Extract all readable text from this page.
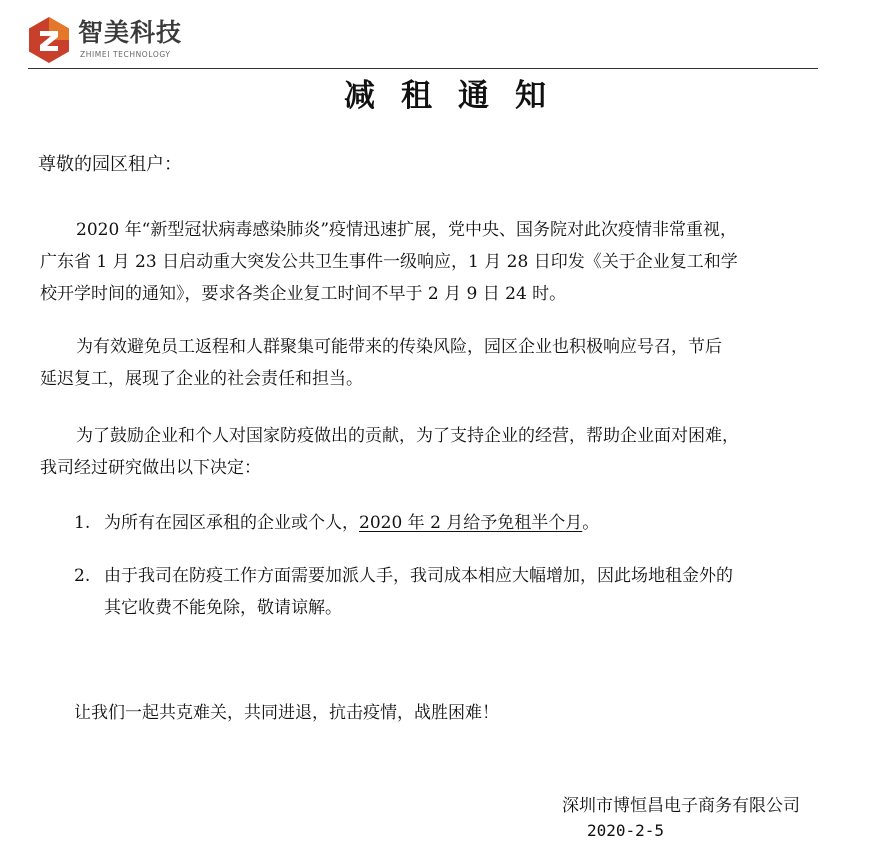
智美科技
ZHIMEI TECHNOLOGY
减租通知
尊敬的园区租户：
2020 年“新型冠状病毒感染肺炎”疫情迅速扩展，党中央、国务院对此次疫情非常重视，
广东省 1 月 23 日启动重大突发公共卫生事件一级响应，1 月 28 日印发《关于企业复工和学
校开学时间的通知》，要求各类企业复工时间不早于 2 月 9 日 24 时。
为有效避免员工返程和人群聚集可能带来的传染风险，园区企业也积极响应号召，节后
延迟复工，展现了企业的社会责任和担当。
为了鼓励企业和个人对国家防疫做出的贡献，为了支持企业的经营，帮助企业面对困难，
我司经过研究做出以下决定：
1. 为所有在园区承租的企业或个人，2020 年 2 月给予免租半个月。
2. 由于我司在防疫工作方面需要加派人手，我司成本相应大幅增加，因此场地租金外的
其它收费不能免除，敬请谅解。
让我们一起共克难关，共同进退，抗击疫情，战胜困难！
深圳市博恒昌电子商务有限公司
2020-2-5
